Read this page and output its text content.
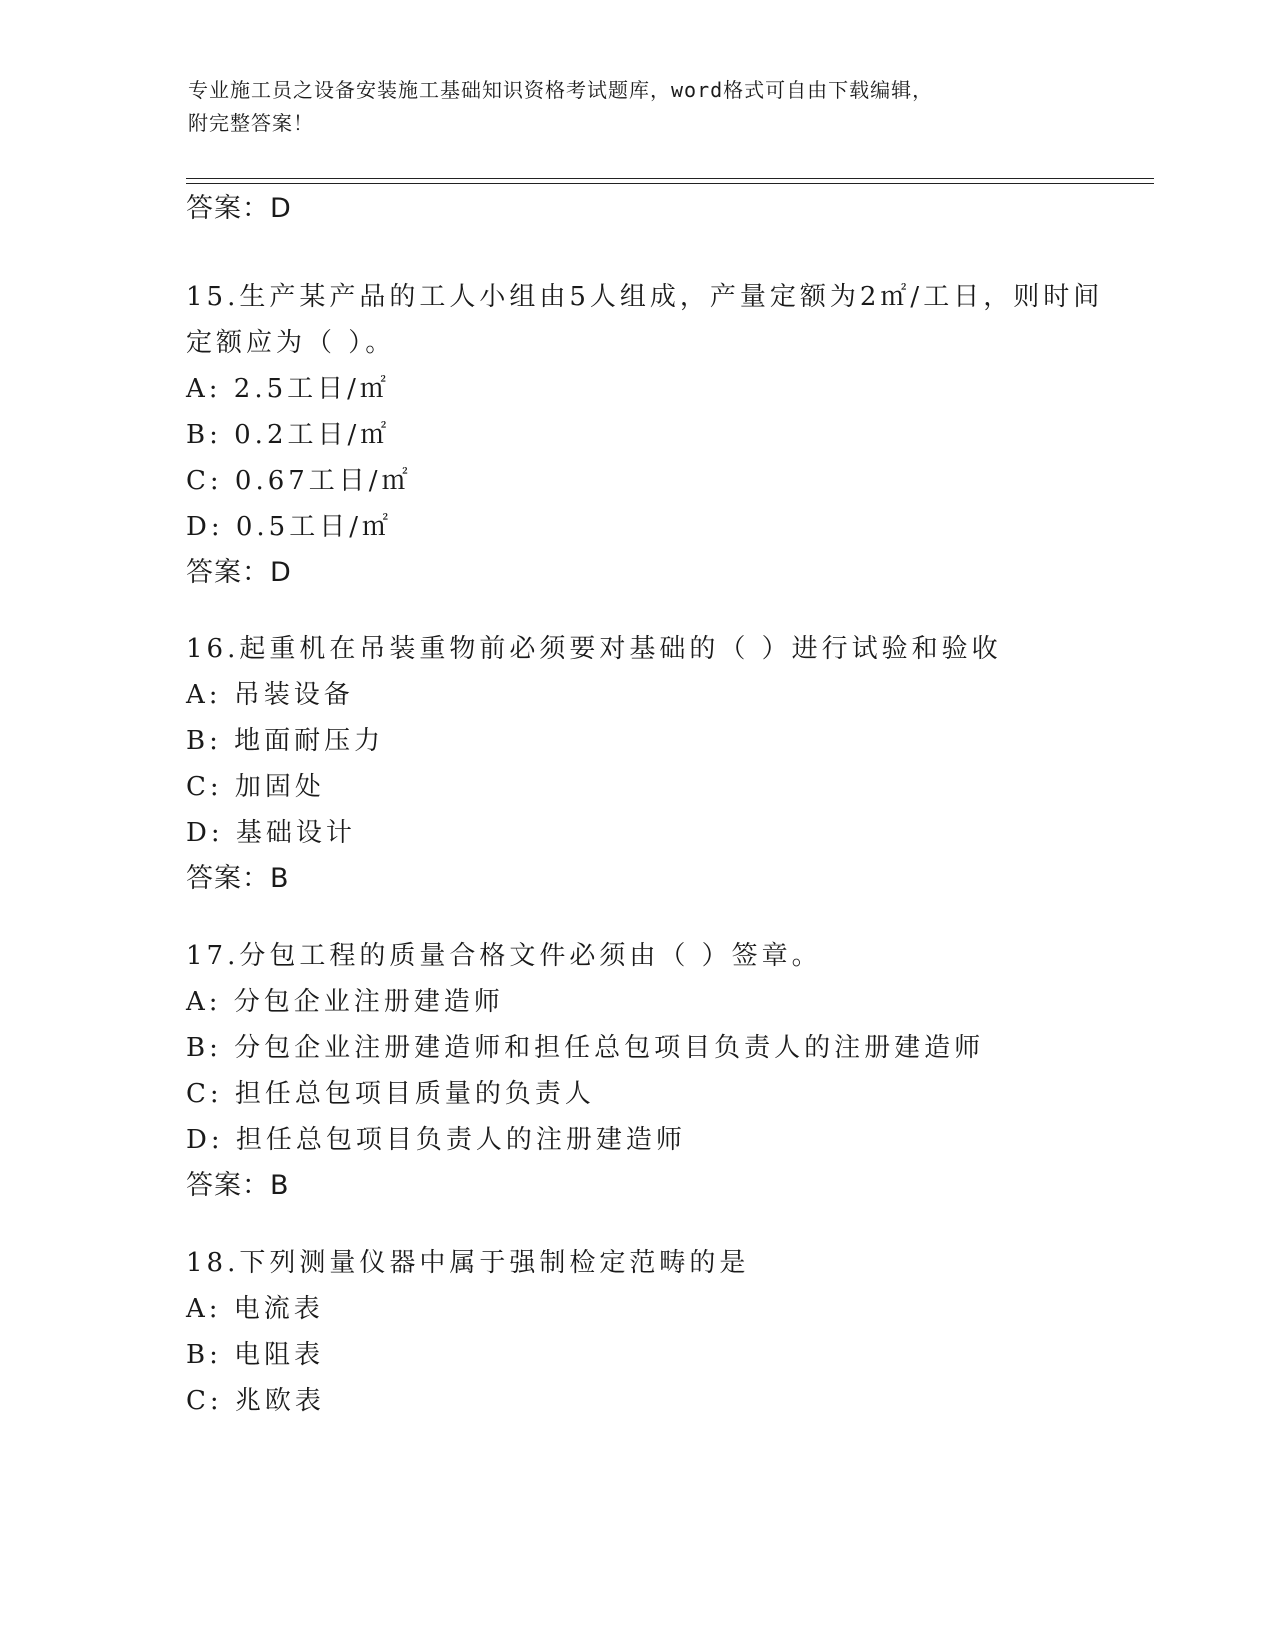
专业施工员之设备安装施工基础知识资格考试题库，word格式可自由下载编辑，
附完整答案！
答案：D
15.生产某产品的工人小组由5人组成，产量定额为2㎡/工日，则时间
定额应为（ ）。
A: 2.5工日/㎡
B: 0.2工日/㎡
C: 0.67工日/㎡
D: 0.5工日/㎡
答案：D
16.起重机在吊装重物前必须要对基础的（ ）进行试验和验收
A: 吊装设备
B: 地面耐压力
C: 加固处
D: 基础设计
答案：B
17.分包工程的质量合格文件必须由（ ）签章。
A: 分包企业注册建造师
B: 分包企业注册建造师和担任总包项目负责人的注册建造师
C: 担任总包项目质量的负责人
D: 担任总包项目负责人的注册建造师
答案：B
18.下列测量仪器中属于强制检定范畴的是
A: 电流表
B: 电阻表
C: 兆欧表
